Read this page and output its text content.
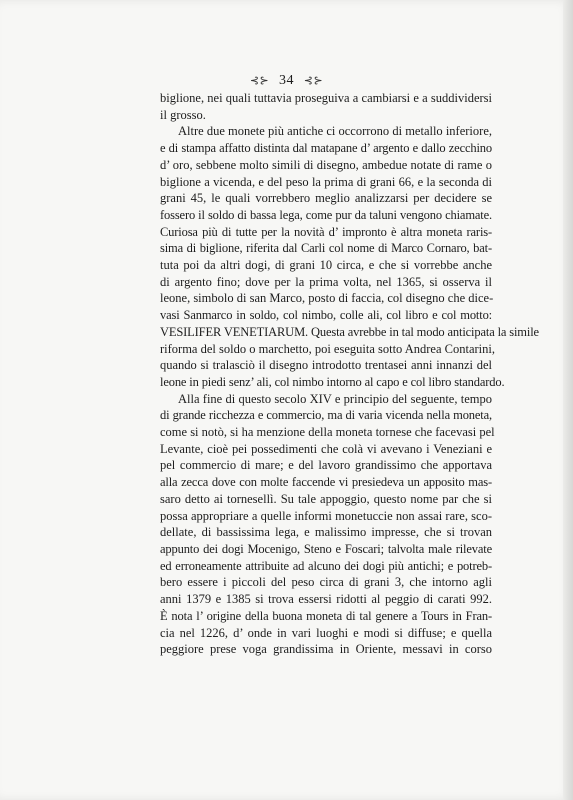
⊰⊱ 34 ⊰⊱
biglione, nei quali tuttavia proseguiva a cambiarsi e a suddividersi
il grosso.
Altre due monete più antiche ci occorrono di metallo inferiore,
e di stampa affatto distinta dal matapane d’ argento e dallo zecchino
d’ oro, sebbene molto simili di disegno, ambedue notate di rame o
biglione a vicenda, e del peso la prima di grani 66, e la seconda di
grani 45, le quali vorrebbero meglio analizzarsi per decidere se
fossero il soldo di bassa lega, come pur da taluni vengono chiamate.
Curiosa più di tutte per la novità d’ impronto è altra moneta raris-
sima di biglione, riferita dal Carli col nome di Marco Cornaro, bat-
tuta poi da altri dogi, di grani 10 circa, e che si vorrebbe anche
di argento fino; dove per la prima volta, nel 1365, si osserva il
leone, simbolo di san Marco, posto di faccia, col disegno che dice-
vasi Sanmarco in soldo, col nimbo, colle ali, col libro e col motto:
VESILIFER VENETIARUM. Questa avrebbe in tal modo anticipata la simile
riforma del soldo o marchetto, poi eseguita sotto Andrea Contarini,
quando si tralasciò il disegno introdotto trentasei anni innanzi del
leone in piedi senz’ ali, col nimbo intorno al capo e col libro standardo.
Alla fine di questo secolo XIV e principio del seguente, tempo
di grande ricchezza e commercio, ma di varia vicenda nella moneta,
come si notò, si ha menzione della moneta tornese che facevasi pel
Levante, cioè pei possedimenti che colà vi avevano i Veneziani e
pel commercio di mare; e del lavoro grandissimo che apportava
alla zecca dove con molte faccende vi presiedeva un apposito mas-
saro detto ai tornesellì. Su tale appoggio, questo nome par che si
possa appropriare a quelle informi monetuccie non assai rare, sco-
dellate, di bassissima lega, e malissimo impresse, che si trovan
appunto dei dogi Mocenigo, Steno e Foscari; talvolta male rilevate
ed erroneamente attribuite ad alcuno dei dogi più antichi; e potreb-
bero essere i piccoli del peso circa di grani 3, che intorno agli
anni 1379 e 1385 si trova essersi ridotti al peggio di carati 992.
È nota l’ origine della buona moneta di tal genere a Tours in Fran-
cia nel 1226, d’ onde in vari luoghi e modi si diffuse; e quella
peggiore prese voga grandissima in Oriente, messavi in corso
